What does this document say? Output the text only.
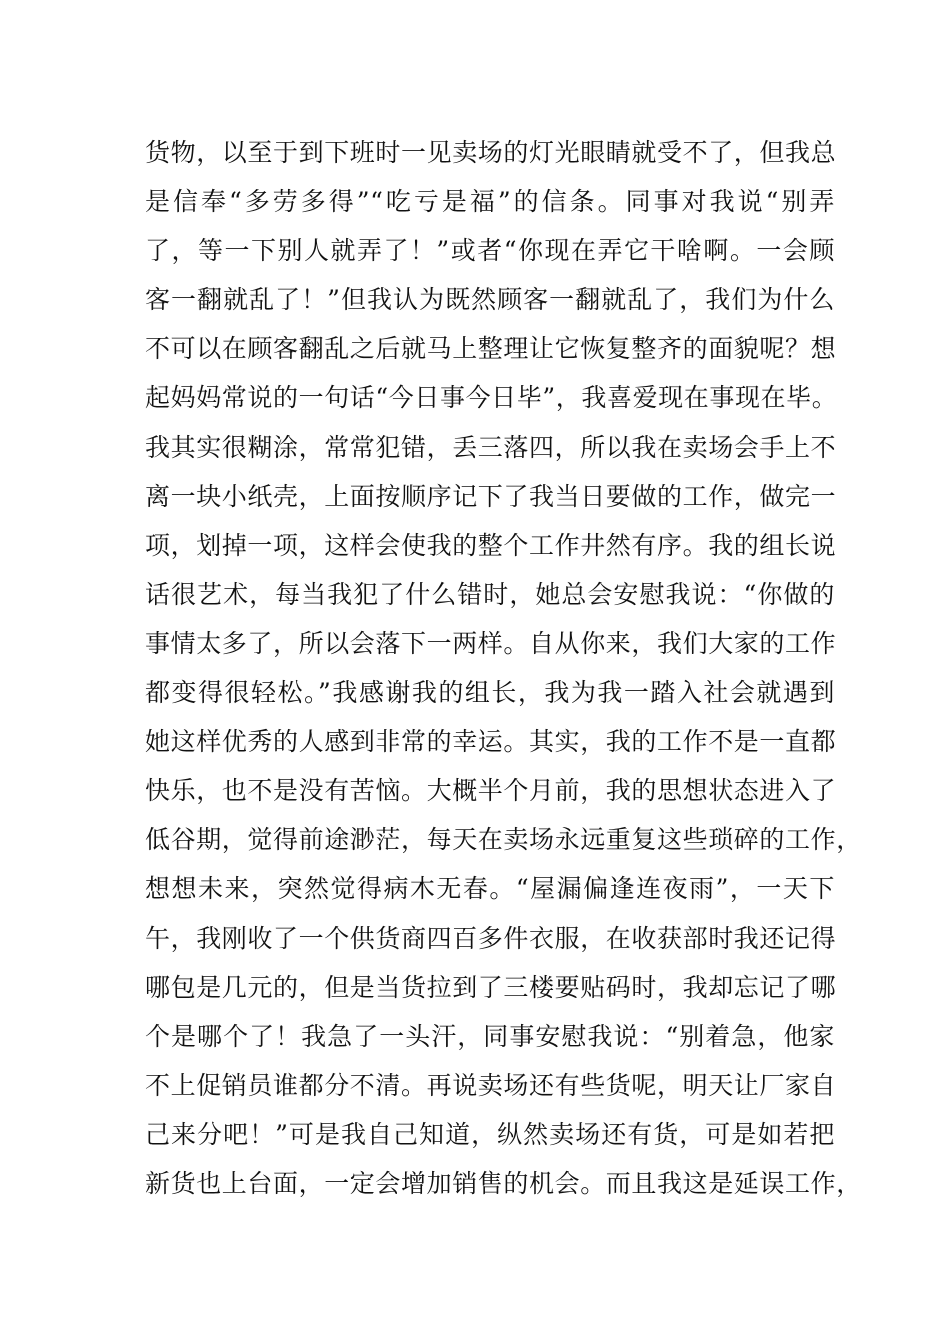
货物，以至于到下班时一见卖场的灯光眼睛就受不了，但我总
是信奉“多劳多得”“吃亏是福”的信条。同事对我说“别弄
了，等一下别人就弄了！”或者“你现在弄它干啥啊。一会顾
客一翻就乱了！”但我认为既然顾客一翻就乱了，我们为什么
不可以在顾客翻乱之后就马上整理让它恢复整齐的面貌呢？想
起妈妈常说的一句话“今日事今日毕”，我喜爱现在事现在毕。
我其实很糊涂，常常犯错，丢三落四，所以我在卖场会手上不
离一块小纸壳，上面按顺序记下了我当日要做的工作，做完一
项，划掉一项，这样会使我的整个工作井然有序。我的组长说
话很艺术，每当我犯了什么错时，她总会安慰我说：“你做的
事情太多了，所以会落下一两样。自从你来，我们大家的工作
都变得很轻松。”我感谢我的组长，我为我一踏入社会就遇到
她这样优秀的人感到非常的幸运。其实，我的工作不是一直都
快乐，也不是没有苦恼。大概半个月前，我的思想状态进入了
低谷期，觉得前途渺茫，每天在卖场永远重复这些琐碎的工作，
想想未来，突然觉得病木无春。“屋漏偏逢连夜雨”，一天下
午，我刚收了一个供货商四百多件衣服，在收获部时我还记得
哪包是几元的，但是当货拉到了三楼要贴码时，我却忘记了哪
个是哪个了！我急了一头汗，同事安慰我说：“别着急，他家
不上促销员谁都分不清。再说卖场还有些货呢，明天让厂家自
己来分吧！”可是我自己知道，纵然卖场还有货，可是如若把
新货也上台面，一定会增加销售的机会。而且我这是延误工作，
